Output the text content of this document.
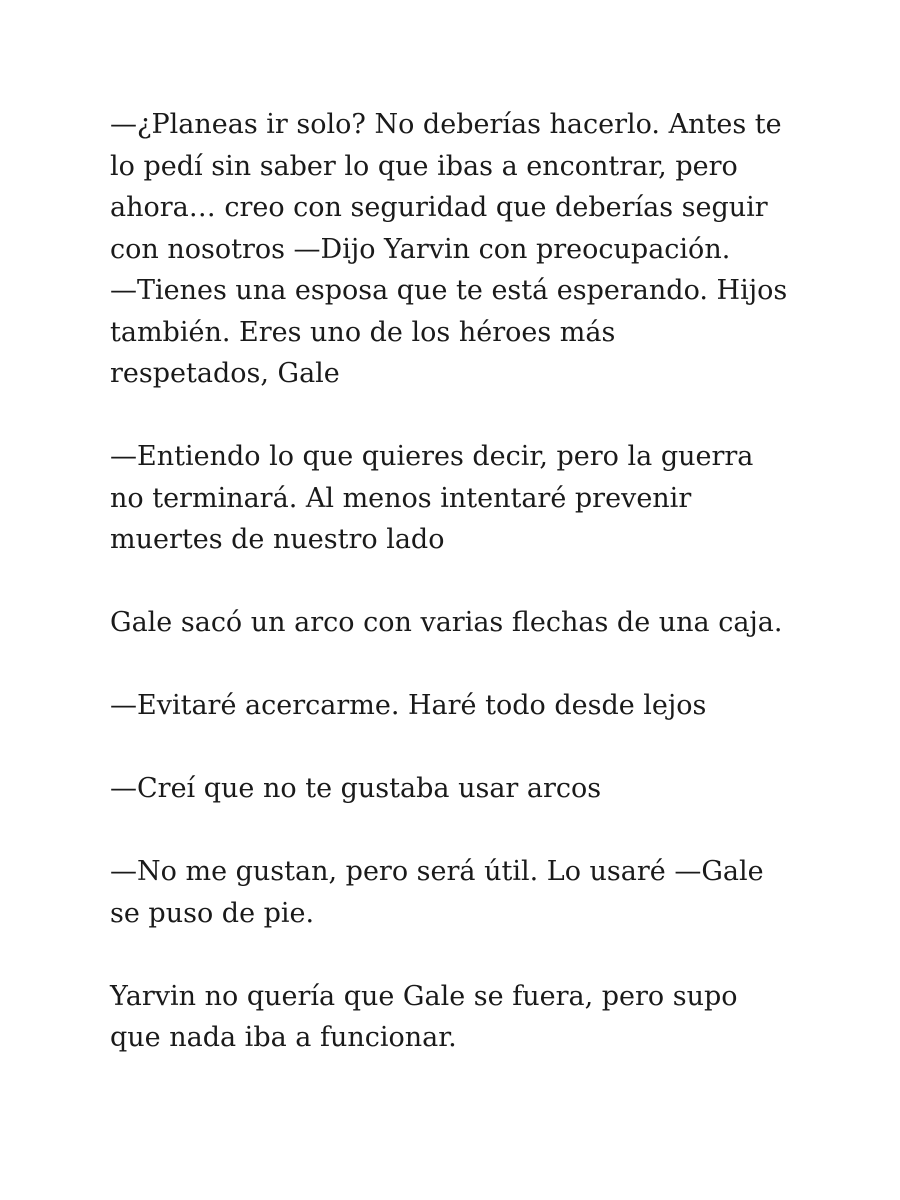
—¿Planeas ir solo? No deberías hacerlo. Antes te
lo pedí sin saber lo que ibas a encontrar, pero
ahora… creo con seguridad que deberías seguir
con nosotros —Dijo Yarvin con preocupación.
—Tienes una esposa que te está esperando. Hijos
también. Eres uno de los héroes más
respetados, Gale

—Entiendo lo que quieres decir, pero la guerra
no terminará. Al menos intentaré prevenir
muertes de nuestro lado

Gale sacó un arco con varias flechas de una caja.

—Evitaré acercarme. Haré todo desde lejos

—Creí que no te gustaba usar arcos

—No me gustan, pero será útil. Lo usaré —Gale
se puso de pie.

Yarvin no quería que Gale se fuera, pero supo
que nada iba a funcionar.
